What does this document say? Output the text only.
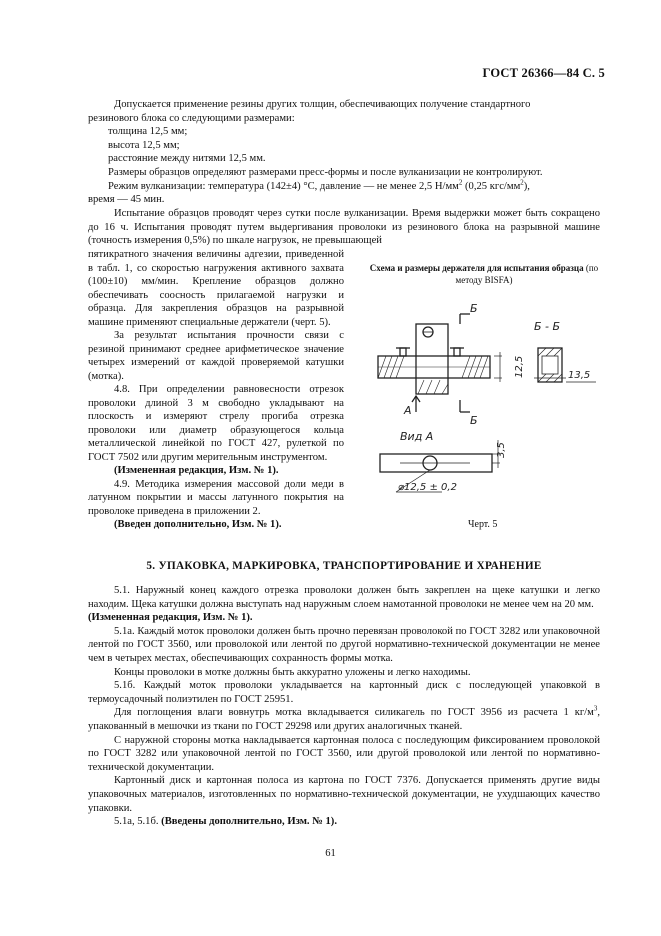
ГОСТ 26366—84 С. 5
Допускается применение резины других толщин, обеспечивающих получение стандартного
резинового блока со следующими размерами:
толщина 12,5 мм;
высота 12,5 мм;
расстояние между нитями 12,5 мм.
Размеры образцов определяют размерами пресс-формы и после вулканизации не контролируют.
Режим вулканизации: температура (142±4) °С, давление — не менее 2,5 $Н/мм^2$ (0,25 кгс/$мм^2$),
время — 45 мин.
Испытание образцов проводят через сутки после вулканизации. Время выдержки может быть сокращено до 16 ч. Испытания проводят путем выдергивания проволоки из резинового блока на разрывной машине (точность измерения 0,5%) по шкале нагрузок, не превышающей

пятикратного значения величины адгезии, приведенной в табл. 1, со скоростью нагружения активного захвата (100±10) мм/мин. Крепление образцов должно обеспечивать соосность прилагаемой нагрузки и образца. Для закрепления образцов на разрывной машине применяют специальные держатели (черт. 5).

За результат испытания прочности связи с резиной принимают среднее арифметическое значение четырех измерений от каждой проверяемой катушки (мотка).

4.8. При определении равновесности отрезок проволоки длиной 3 м свободно укладывают на плоскость и измеряют стрелу прогиба отрезка проволоки или диаметр образующегося кольца металлической линейкой по ГОСТ 427, рулеткой по ГОСТ 7502 или другим мерительным инструментом.

(Измененная редакция, Изм. № 1).

4.9. Методика измерения массовой доли меди в латунном покрытии и массы латунного покрытия на проволоке приведена в приложении 2.

(Введен дополнительно, Изм. № 1).

Схема и размеры держателя для испытания образца (по методу BISFA)
Б
Б
Б - Б
А
Вид А
12,5	13,5
3,5
⌀12,5 ± 0,2
Черт. 5
5. УПАКОВКА, МАРКИРОВКА, ТРАНСПОРТИРОВАНИЕ И ХРАНЕНИЕ
5.1. Наружный конец каждого отрезка проволоки должен быть закреплен на щеке катушки и легко находим. Щека катушки должна выступать над наружным слоем намотанной проволоки не менее чем на 20 мм.
(Измененная редакция, Изм. № 1).
5.1а. Каждый моток проволоки должен быть прочно перевязан проволокой по ГОСТ 3282 или упаковочной лентой по ГОСТ 3560, или проволокой или лентой по другой нормативно-технической документации не менее чем в четырех местах, обеспечивающих сохранность формы мотка.
Концы проволоки в мотке должны быть аккуратно уложены и легко находимы.
5.1б. Каждый моток проволоки укладывается на картонный диск с последующей упаковкой в термоусадочный полиэтилен по ГОСТ 25951.
Для поглощения влаги вовнутрь мотка вкладывается силикагель по ГОСТ 3956 из расчета 1 $кг/м^3$, упакованный в мешочки из ткани по ГОСТ 29298 или других аналогичных тканей.
С наружной стороны мотка накладывается картонная полоса с последующим фиксированием проволокой по ГОСТ 3282 или упаковочной лентой по ГОСТ 3560, или другой проволокой или лентой по нормативно-технической документации.
Картонный диск и картонная полоса из картона по ГОСТ 7376. Допускается применять другие виды упаковочных материалов, изготовленных по нормативно-технической документации, не ухудшающих качество упаковки.
5.1а, 5.1б. (Введены дополнительно, Изм. № 1).
61
